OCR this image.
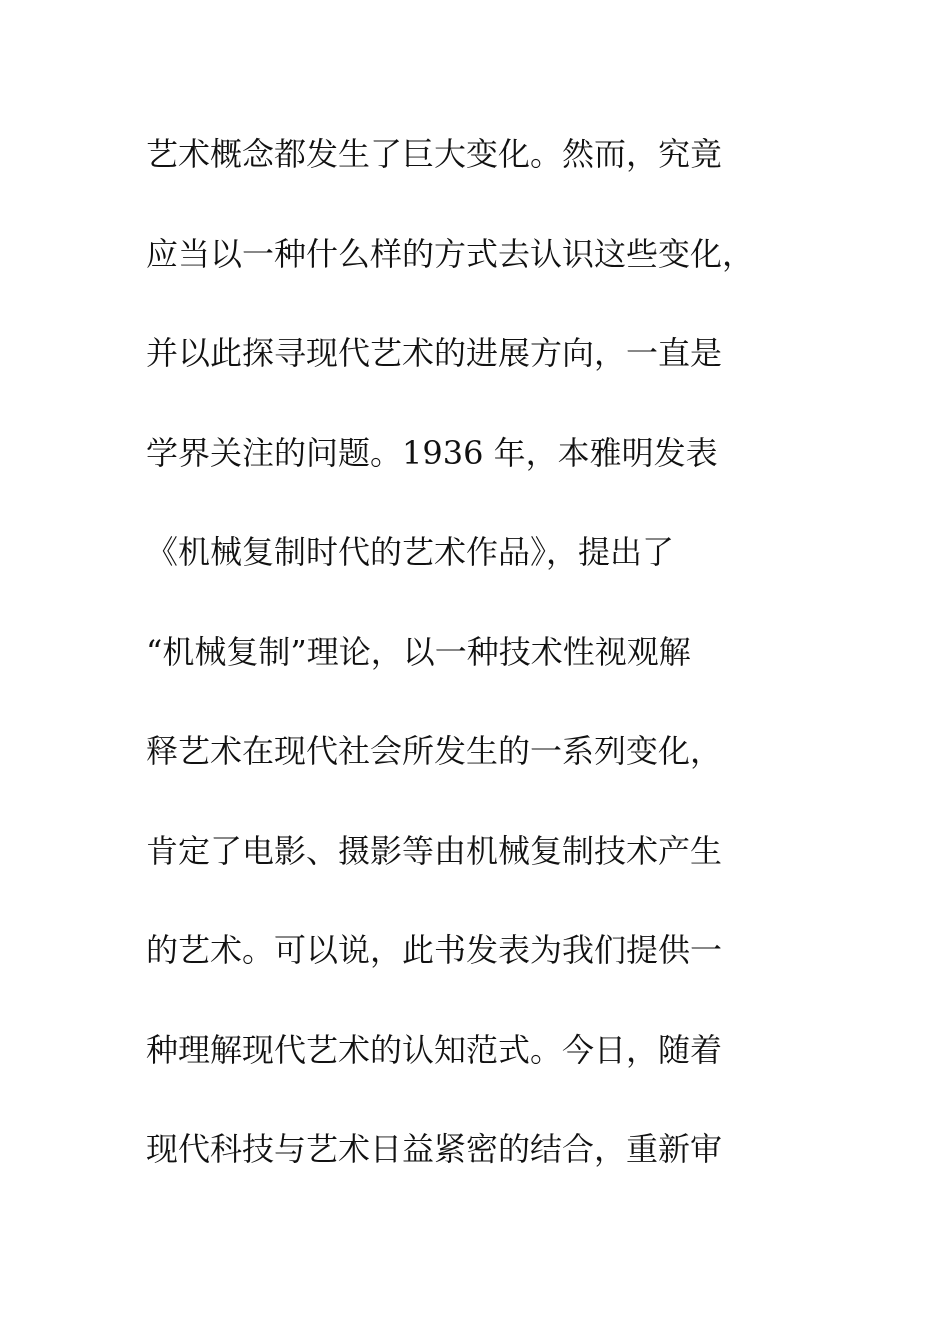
艺术概念都发生了巨大变化。然而，究竟
应当以一种什么样的方式去认识这些变化，
并以此探寻现代艺术的进展方向，一直是
学界关注的问题。1936 年，本雅明发表
《机械复制时代的艺术作品》，提出了
“机械复制”理论，以一种技术性视观解
释艺术在现代社会所发生的一系列变化，
肯定了电影、摄影等由机械复制技术产生
的艺术。可以说，此书发表为我们提供一
种理解现代艺术的认知范式。今日，随着
现代科技与艺术日益紧密的结合，重新审
